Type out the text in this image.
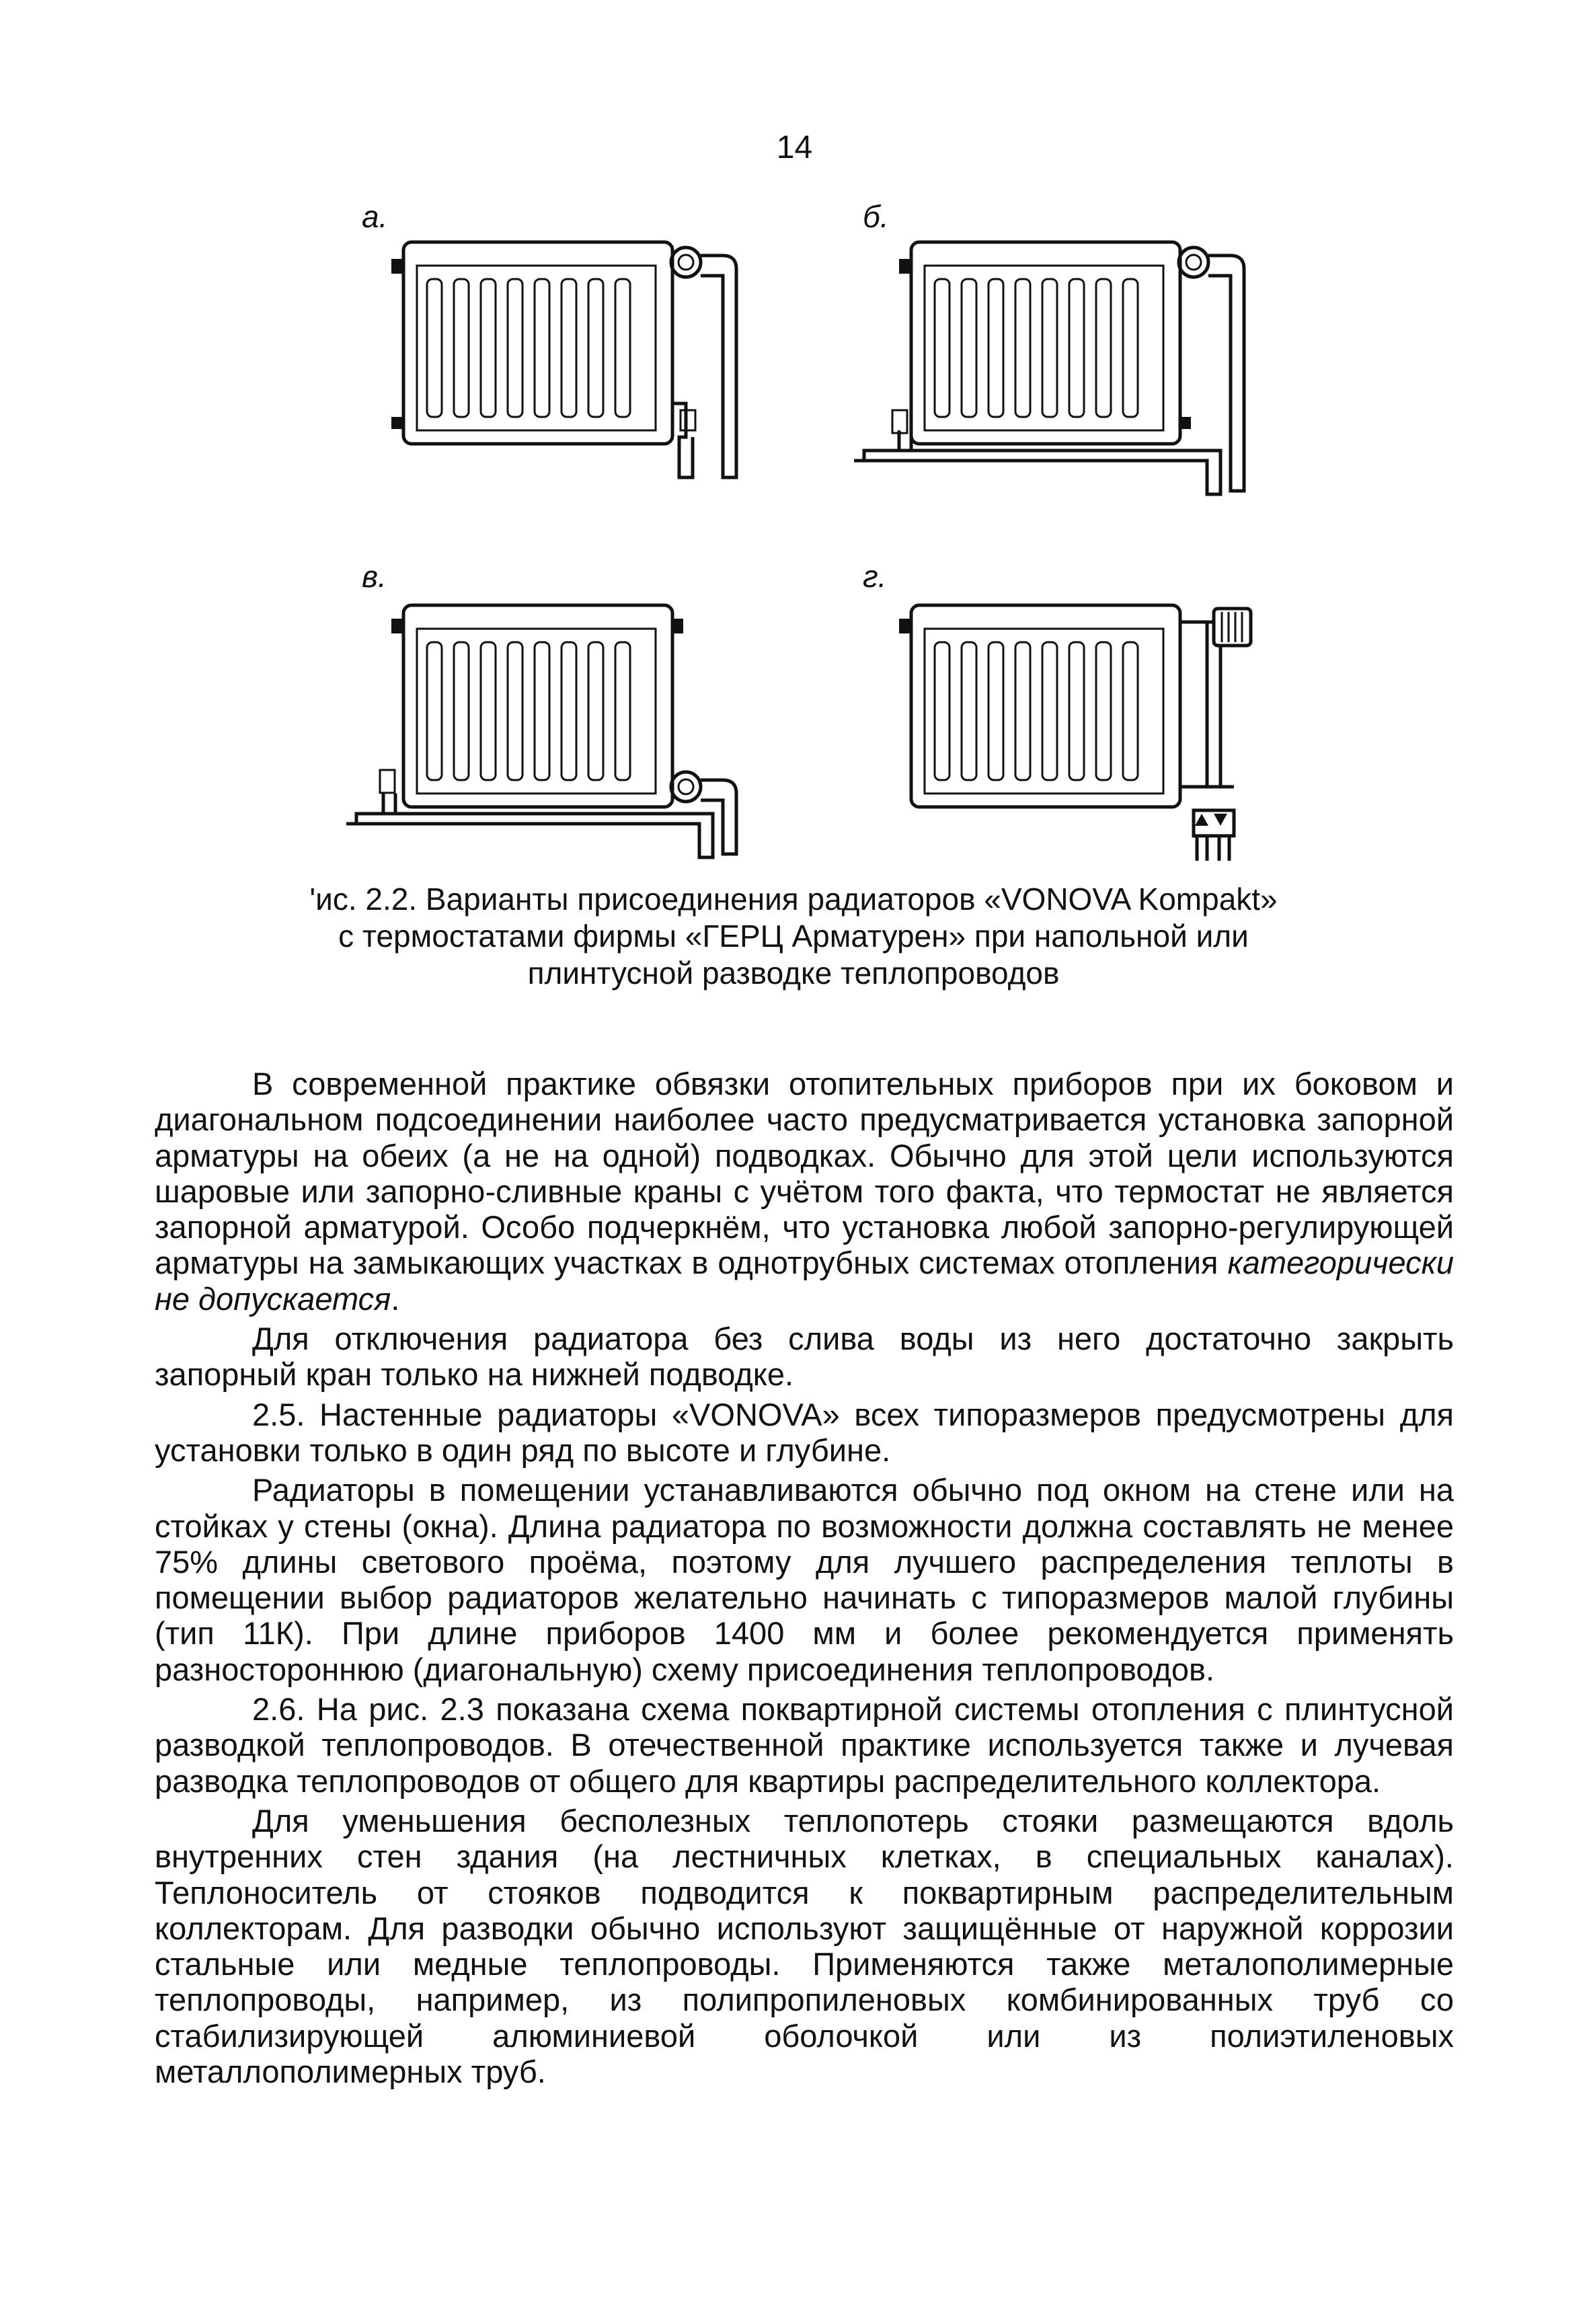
14
а.	б.
в.	г.
'ис. 2.2. Варианты присоединения радиаторов «VONOVA Kompakt»
с термостатами фирмы «ГЕРЦ Арматурен» при напольной или
плинтусной разводке теплопроводов

В современной практике обвязки отопительных приборов при их боковом и диагональном подсоединении наиболее часто предусматривается установка запорной арматуры на обеих (а не на одной) подводках. Обычно для этой цели используются шаровые или запорно-сливные краны с учётом того факта, что термостат не является запорной арматурой. Особо подчеркнём, что установка любой запорно-регулирующей арматуры на замыкающих участках в однотрубных системах отопления категорически не допускается.

Для отключения радиатора без слива воды из него достаточно закрыть запорный кран только на нижней подводке.

2.5. Настенные радиаторы «VONOVA» всех типоразмеров предусмотрены для установки только в один ряд по высоте и глубине.

Радиаторы в помещении устанавливаются обычно под окном на стене или на стойках у стены (окна). Длина радиатора по возможности должна составлять не менее 75% длины светового проёма, поэтому для лучшего распределения теплоты в помещении выбор радиаторов желательно начинать с типоразмеров малой глубины (тип 11К). При длине приборов 1400 мм и более рекомендуется применять разностороннюю (диагональную) схему присоединения теплопроводов.

2.6. На рис. 2.3 показана схема поквартирной системы отопления с плинтусной разводкой теплопроводов. В отечественной практике используется также и лучевая разводка теплопроводов от общего для квартиры распределительного коллектора.

Для уменьшения бесполезных теплопотерь стояки размещаются вдоль внутренних стен здания (на лестничных клетках, в специальных каналах). Теплоноситель от стояков подводится к поквартирным распределительным коллекторам. Для разводки обычно используют защищённые от наружной коррозии стальные или медные теплопроводы. Применяются также металополимерные теплопроводы, например, из полипропиленовых комбинированных труб со стабилизирующей алюминиевой оболочкой или из полиэтиленовых металлополимерных труб.
